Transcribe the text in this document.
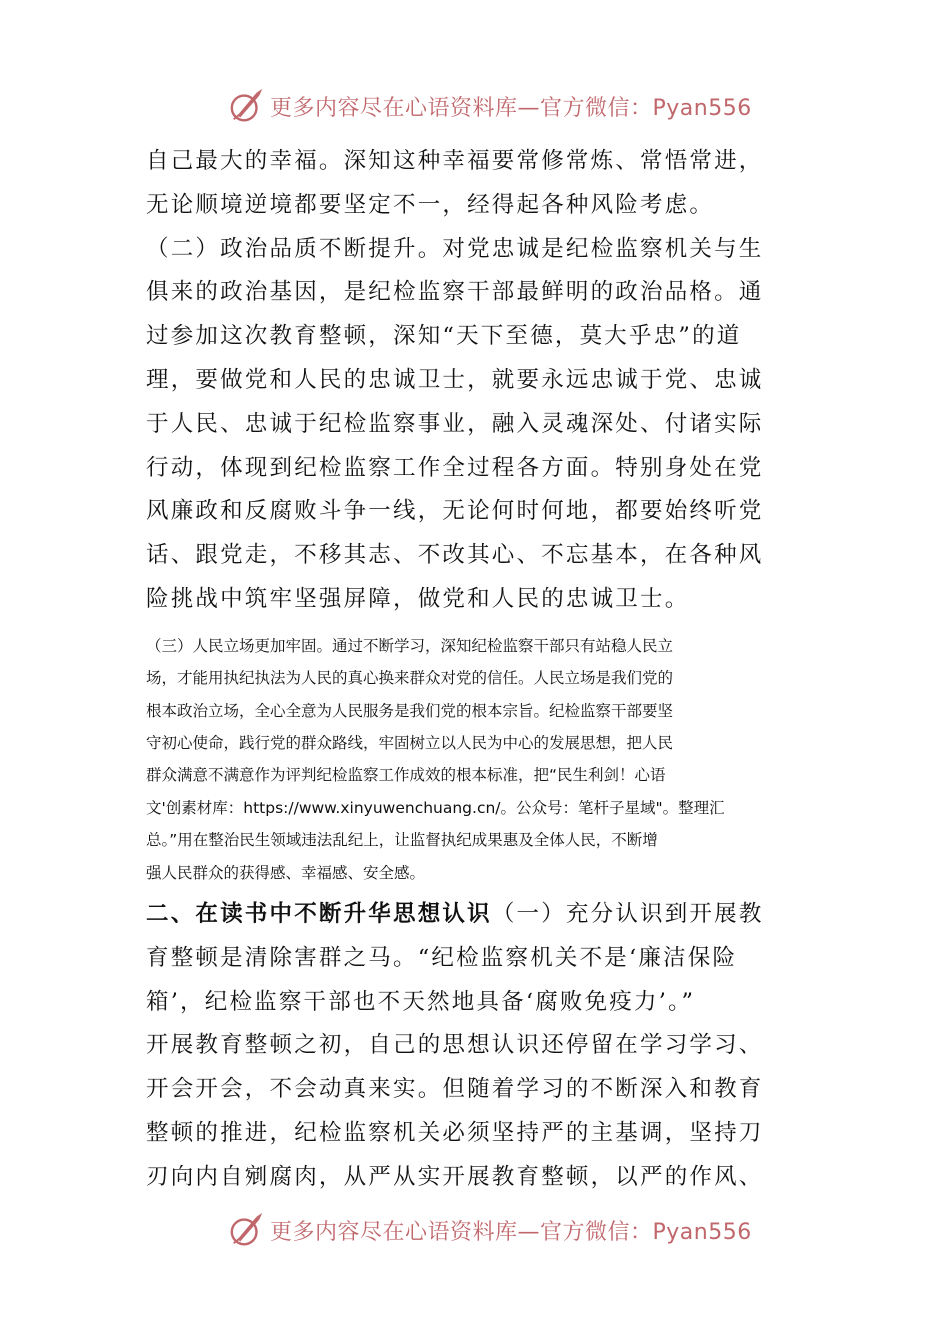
更多内容尽在心语资料库—官方微信：Pyan556

自己最大的幸福。深知这种幸福要常修常炼、常悟常进，

无论顺境逆境都要坚定不一，经得起各种风险考虑。

（二）政治品质不断提升。对党忠诚是纪检监察机关与生

俱来的政治基因，是纪检监察干部最鲜明的政治品格。通

过参加这次教育整顿，深知“天下至德，莫大乎忠”的道

理，要做党和人民的忠诚卫士，就要永远忠诚于党、忠诚

于人民、忠诚于纪检监察事业，融入灵魂深处、付诸实际

行动，体现到纪检监察工作全过程各方面。特别身处在党

风廉政和反腐败斗争一线，无论何时何地，都要始终听党

话、跟党走，不移其志、不改其心、不忘基本，在各种风

险挑战中筑牢坚强屏障，做党和人民的忠诚卫士。

（三）人民立场更加牢固。通过不断学习，深知纪检监察干部只有站稳人民立

场，才能用执纪执法为人民的真心换来群众对党的信任。人民立场是我们党的

根本政治立场，全心全意为人民服务是我们党的根本宗旨。纪检监察干部要坚

守初心使命，践行党的群众路线，牢固树立以人民为中心的发展思想，把人民

群众满意不满意作为评判纪检监察工作成效的根本标准，把“民生利剑！心语

文'创素材库：https://www.xinyuwenchuang.cn/。公众号：笔杆子星域"。整理汇

总。”用在整治民生领域违法乱纪上，让监督执纪成果惠及全体人民，不断增

强人民群众的获得感、幸福感、安全感。

二、在读书中不断升华思想认识（一）充分认识到开展教

育整顿是清除害群之马。“纪检监察机关不是‘廉洁保险

箱’，纪检监察干部也不天然地具备‘腐败免疫力’。”

开展教育整顿之初，自己的思想认识还停留在学习学习、

开会开会，不会动真来实。但随着学习的不断深入和教育

整顿的推进，纪检监察机关必须坚持严的主基调，坚持刀

刃向内自剜腐肉，从严从实开展教育整顿，以严的作风、

更多内容尽在心语资料库—官方微信：Pyan556
